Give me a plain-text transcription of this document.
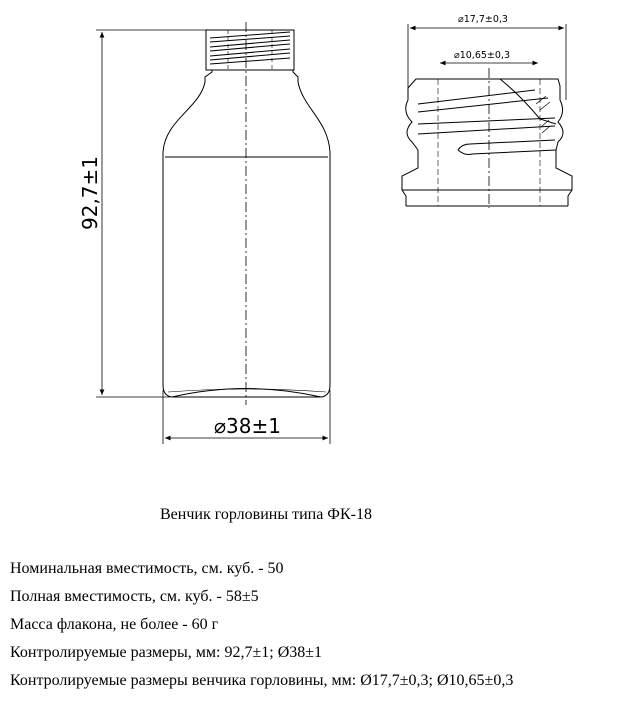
92,7±1
⌀38±1
⌀17,7±0,3
⌀10,65±0,3
Венчик горловины типа ФК-18
Номинальная вместимость, см. куб. - 50
Полная вместимость, см. куб. - 58±5
Масса флакона, не более - 60 г
Контролируемые размеры, мм: 92,7±1; Ø38±1
Контролируемые размеры венчика горловины, мм: Ø17,7±0,3; Ø10,65±0,3
